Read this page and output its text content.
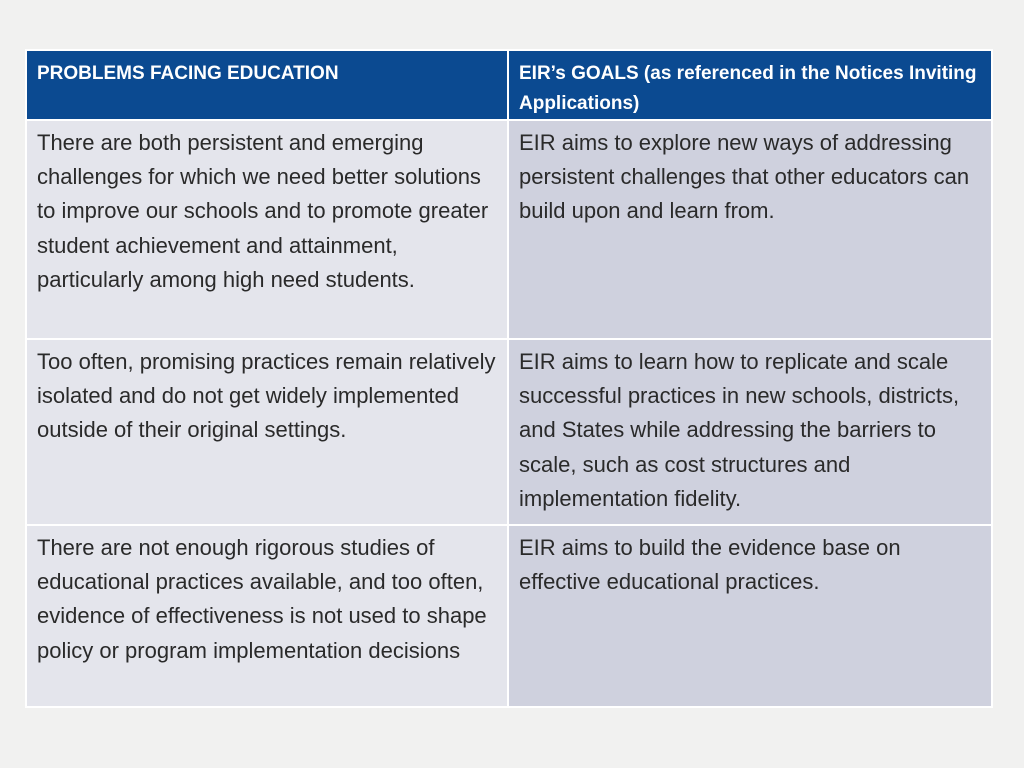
PROBLEMS FACING EDUCATION	EIR’s GOALS (as referenced in the Notices Inviting Applications)
There are both persistent and emerging challenges for which we need better solutions to improve our schools and to promote greater student achievement and attainment, particularly among high need students.	EIR aims to explore new ways of addressing persistent challenges that other educators can build upon and learn from.
Too often, promising practices remain relatively isolated and do not get widely implemented outside of their original settings.	EIR aims to learn how to replicate and scale successful practices in new schools, districts, and States while addressing the barriers to scale, such as cost structures and implementation fidelity.
There are not enough rigorous studies of educational practices available, and too often, evidence of effectiveness is not used to shape policy or program implementation decisions	EIR aims to build the evidence base on effective educational practices.
